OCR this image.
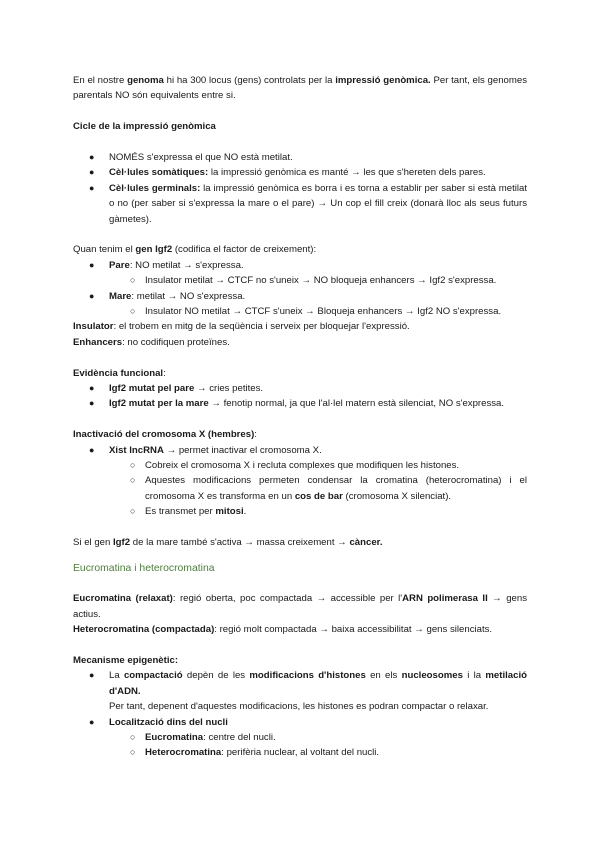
En el nostre genoma hi ha 300 locus (gens) controlats per la impressió genòmica. Per tant, els genomes parentals NO són equivalents entre si.

Cicle de la impressió genòmica

● NOMÉS s'expressa el que NO està metilat.
● Cèl·lules somàtiques: la impressió genòmica es manté → les que s'hereten dels pares.
● Cèl·lules germinals: la impressió genòmica es borra i es torna a establir per saber si està metilat o no (per saber si s'expressa la mare o el pare) → Un cop el fill creix (donarà lloc als seus futurs gàmetes).

Quan tenim el gen Igf2 (codifica el factor de creixement):

● Pare: NO metilat → s'expressa.
○ Insulator metilat → CTCF no s'uneix → NO bloqueja enhancers → Igf2 s'expressa.
● Mare: metilat → NO s'expressa.
○ Insulator NO metilat → CTCF s'uneix → Bloqueja enhancers → Igf2 NO s'expressa.

Insulator: el trobem en mitg de la seqüència i serveix per bloquejar l'expressió.

Enhancers: no codifiquen proteïnes.

Evidència funcional:

● Igf2 mutat pel pare → cries petites.
● Igf2 mutat per la mare → fenotip normal, ja que l'al·lel matern està silenciat, NO s'expressa.

Inactivació del cromosoma X (hembres):

● Xist lncRNA → permet inactivar el cromosoma X.
○ Cobreix el cromosoma X i recluta complexes que modifiquen les histones.
○ Aquestes modificacions permeten condensar la cromatina (heterocromatina) i el cromosoma X es transforma en un cos de bar (cromosoma X silenciat).
○ Es transmet per mitosi.

Si el gen Igf2 de la mare també s'activa → massa creixement → càncer.

Eucromatina i heterocromatina

Eucromatina (relaxat): regió oberta, poc compactada → accessible per l'ARN polimerasa II → gens actius.

Heterocromatina (compactada): regió molt compactada → baixa accessibilitat → gens silenciats.

Mecanisme epigenètic:

● La compactació depèn de les modificacions d'histones en els nucleosomes i la metilació d'ADN.
Per tant, depenent d'aquestes modificacions, les histones es podran compactar o relaxar.
● Localització dins del nucli
○ Eucromatina: centre del nucli.
○ Heterocromatina: perifèria nuclear, al voltant del nucli.
